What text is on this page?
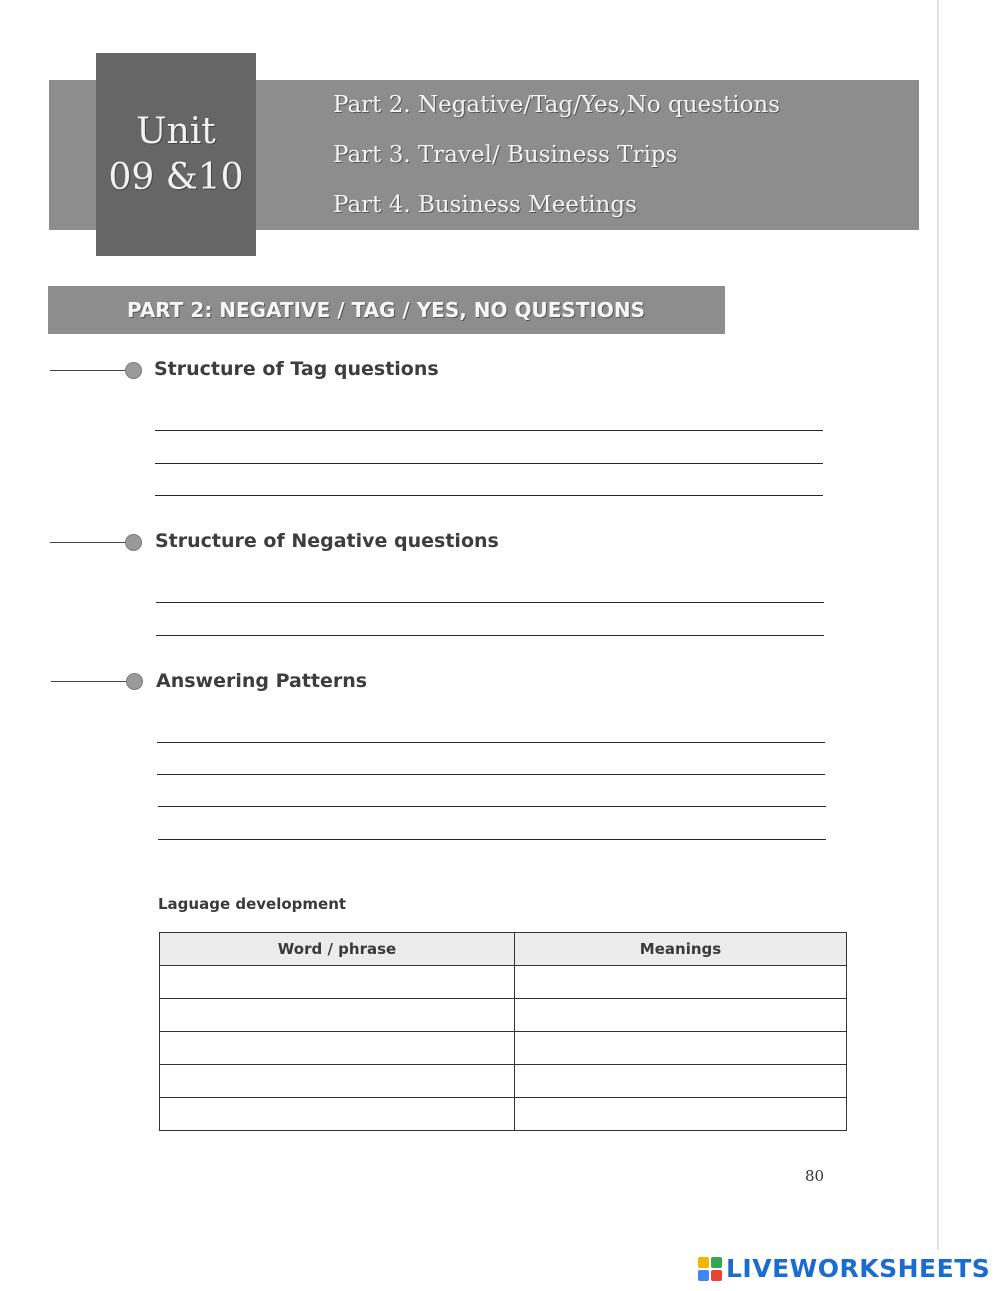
Unit
09 &10
Part 2. Negative/Tag/Yes,No questions
Part 3. Travel/ Business Trips
Part 4. Business Meetings
PART 2: NEGATIVE / TAG / YES, NO QUESTIONS
Structure of Tag questions
Structure of Negative questions
Answering Patterns
Laguage development
Word / phrase	Meanings

80
LIVEWORKSHEETS
